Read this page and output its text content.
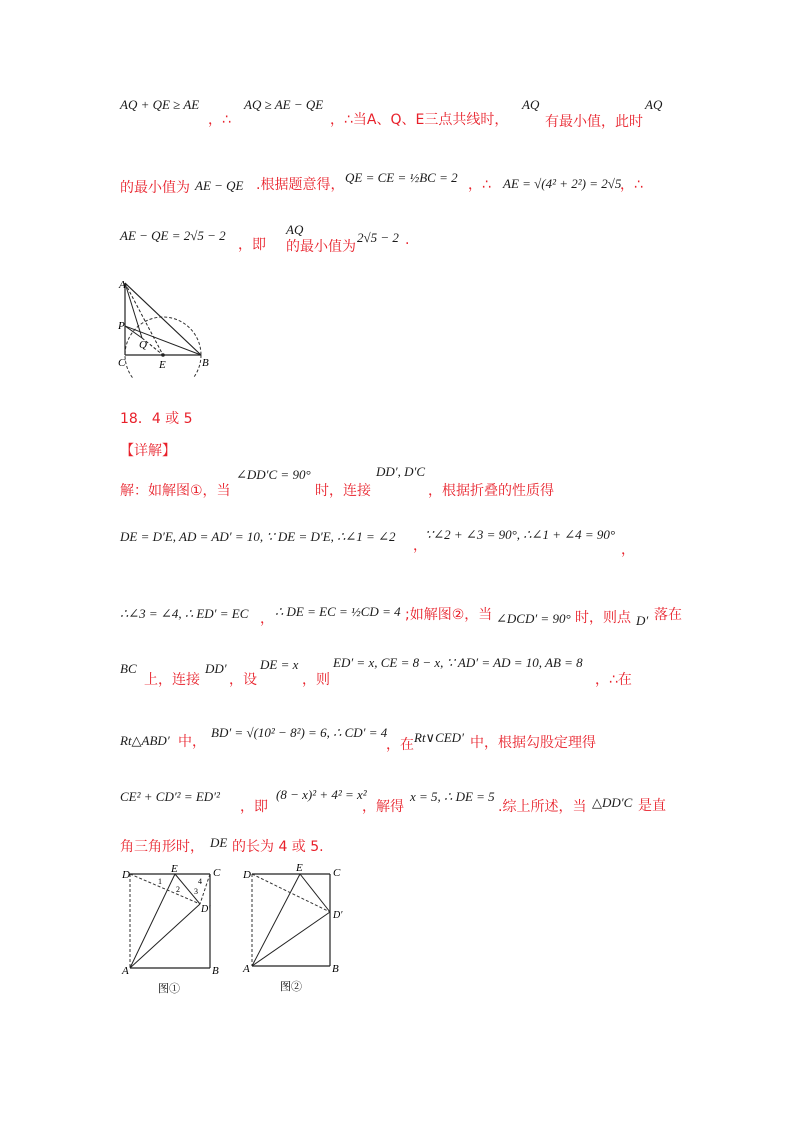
AQ + QE ≥ AE
，∴
AQ ≥ AE − QE
，∴当A、Q、E三点共线时，
AQ
有最小值，此时
AQ
的最小值为 AE − QE .根据题意得， QE = CE = ½BC = 2 ，∴ AE = √(4² + 2²) = 2√5
，∴
AE − QE = 2√5 − 2
，即
AQ
的最小值为
2√5 − 2 .
A
P
Q
C	E	B
18．4 或 5
【详解】
解：如解图①，当
∠DD′C = 90°
时，连接
DD′, D′C
，根据折叠的性质得
DE = D′E, AD = AD′ = 10, ∵ DE = D′E, ∴∠1 = ∠2
，
∵∠2 + ∠3 = 90°, ∴∠1 + ∠4 = 90°
，
∴∠3 = ∠4, ∴ ED′ = EC ， ∴ DE = EC = ½CD = 4 ;如解图②，当 ∠DCD′ = 90° 时，则点 D′ 落在
BC
上，连接
DD′
，设
DE = x
，则
ED′ = x, CE = 8 − x, ∵ AD′ = AD = 10, AB = 8
，∴在
Rt△ABD′ 中，
BD′ = √(10² − 8²) = 6, ∴ CD′ = 4
，在 Rt∨CED′ 中，根据勾股定理得
CE² + CD′² = ED′²
，即
(8 − x)² + 4² = x²
，解得
x = 5, ∴ DE = 5
.综上所述，当 △DD′C 是直
角三角形时， DE 的长为 4 或 5.
D	E	C
D′
A	B
1
2 3
4
图①
D
E	C
D′
A	B
图②
